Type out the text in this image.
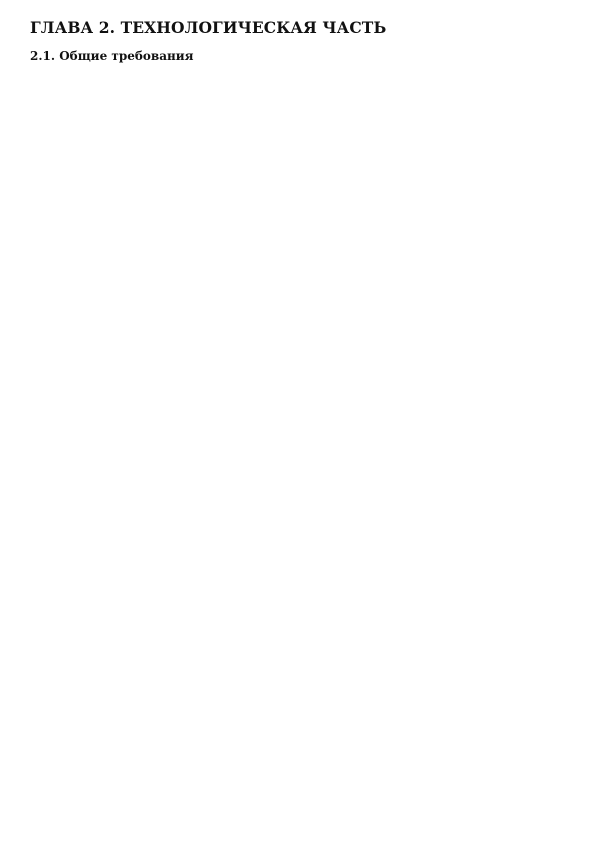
ГЛАВА 2. ТЕХНОЛОГИЧЕСКАЯ ЧАСТЬ
2.1. Общие требования
